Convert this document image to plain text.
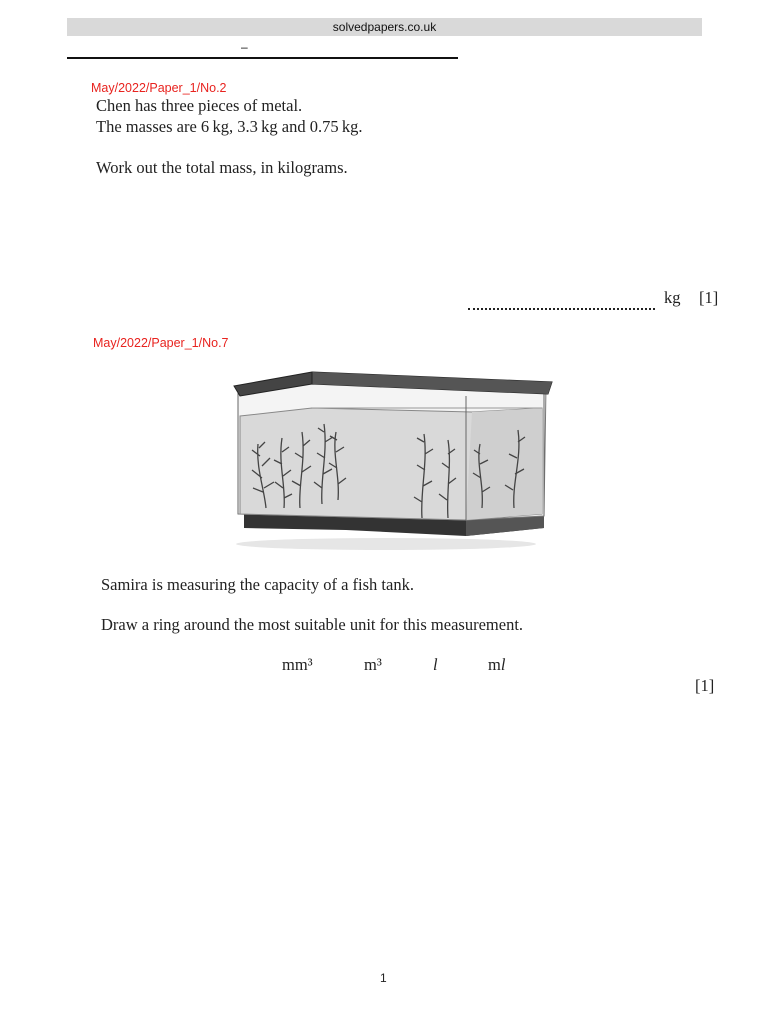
solvedpapers.co.uk
–
May/2022/Paper_1/No.2
Chen has three pieces of metal.
The masses are 6 kg, 3.3 kg and 0.75 kg.
Work out the total mass, in kilograms.
kg [1]
May/2022/Paper_1/No.7
Samira is measuring the capacity of a fish tank.
Draw a ring around the most suitable unit for this measurement.
mm³	m³	l	ml
[1]
1
